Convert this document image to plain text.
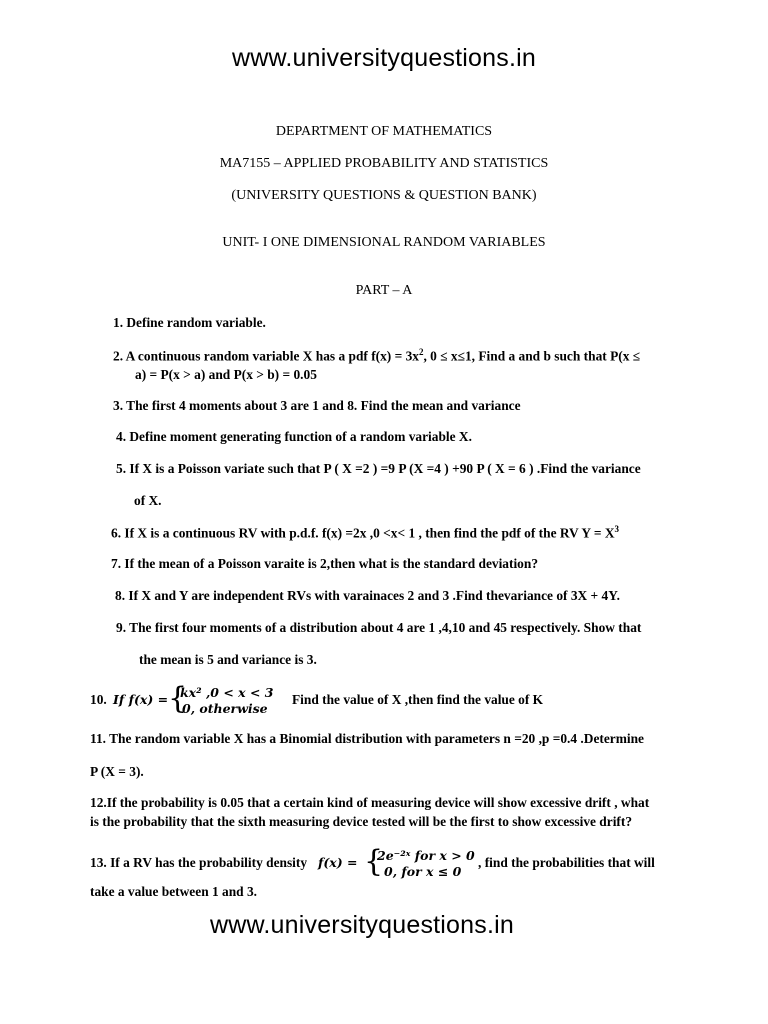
www.universityquestions.in
DEPARTMENT OF MATHEMATICS
MA7155 – APPLIED PROBABILITY AND STATISTICS
(UNIVERSITY QUESTIONS & QUESTION BANK)
UNIT- I ONE DIMENSIONAL RANDOM VARIABLES
PART – A
1. Define random variable.
2. A continuous random variable X has a pdf $f(x) = 3x^2$, 0 ≤ x≤1, Find a and b such that P(x ≤
a) = P(x > a) and P(x > b) = 0.05
3. The first 4 moments about 3 are 1 and 8. Find the mean and variance
4. Define moment generating function of a random variable X.
5. If X is a Poisson variate such that P ( X =2 ) =9 P (X =4 ) +90 P ( X = 6 ) .Find the variance
of X.
6. If X is a continuous RV with p.d.f. f(x) =2x ,0 <x< 1 , then find the pdf of the RV $Y = X^3$
7. If the mean of a Poisson varaite is 2,then what is the standard deviation?
8. If X and Y are independent RVs with varainaces 2 and 3 .Find thevariance of 3X + 4Y.
9. The first four moments of a distribution about 4 are 1 ,4,10 and 45 respectively. Show that
the mean is 5 and variance is 3.
10. If f(x) = {
kx² ,0 < x < 3
0, otherwise
Find the value of X ,then find the value of K
11. The random variable X has a Binomial distribution with parameters n =20 ,p =0.4 .Determine
P (X = 3).
12.If the probability is 0.05 that a certain kind of measuring device will show excessive drift , what
is the probability that the sixth measuring device tested will be the first to show excessive drift?
13. If a RV has the probability density f(x) = {
2e⁻²ˣ for x > 0
0, for x ≤ 0
, find the probabilities that will
take a value between 1 and 3.
www.universityquestions.in
